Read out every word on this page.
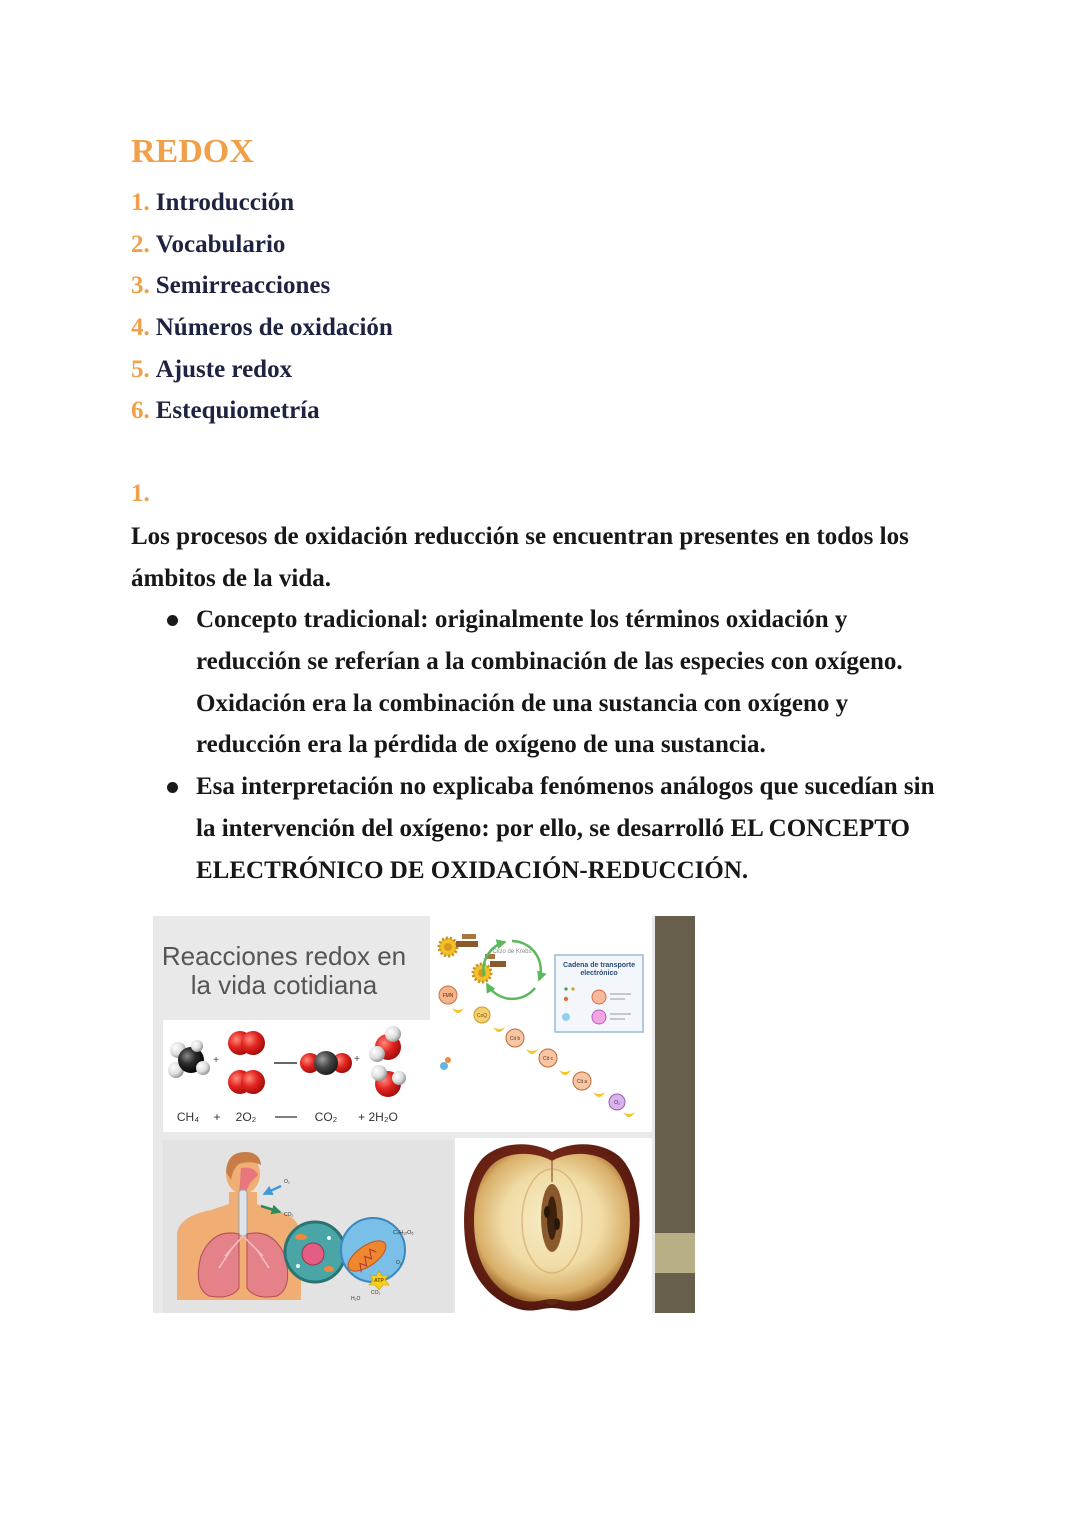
REDOX
1. Introducción
2. Vocabulario
3. Semirreacciones
4. Números de oxidación
5. Ajuste redox
6. Estequiometría
1.
Los procesos de oxidación reducción se encuentran presentes en todos los
ámbitos de la vida.
Concepto tradicional: originalmente los términos oxidación y
reducción se referían a la combinación de las especies con oxígeno.
Oxidación era la combinación de una sustancia con oxígeno y
reducción era la pérdida de oxígeno de una sustancia.
Esa interpretación no explicaba fenómenos análogos que sucedían sin
la intervención del oxígeno: por ello, se desarrolló EL CONCEPTO
ELECTRÓNICO DE OXIDACIÓN-REDUCCIÓN.
Reacciones redox en
la vida cotidiana
+	+
CH₄ + 2O₂	CO₂ + 2H₂O
Ciclo de Krebs
Cadena de transporte
electrónico
FMN
CoQ
Cit b
Cit c
Cit a
O₂
O₂
CO₂
C₆H₁₂O₆
O₂
ATP
H₂O
CO₂
